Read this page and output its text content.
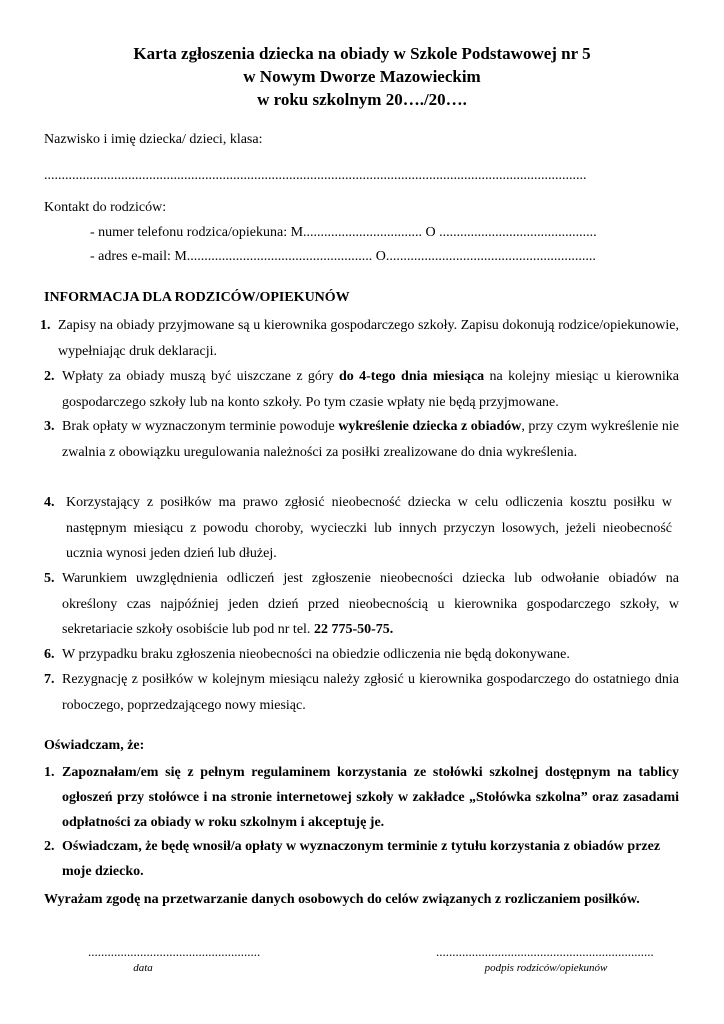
Karta zgłoszenia dziecka na obiady w Szkole Podstawowej nr 5
w Nowym Dworze Mazowieckim
w roku szkolnym 20…./20….
Nazwisko i imię dziecka/ dzieci, klasa:
...........................................................................................................................................................
Kontakt do rodziców:
- numer telefonu rodzica/opiekuna: M.................................. O .............................................
- adres e-mail: M..................................................... O............................................................
INFORMACJA DLA RODZICÓW/OPIEKUNÓW
1. Zapisy na obiady przyjmowane są u kierownika gospodarczego szkoły. Zapisu dokonują rodzice/opiekunowie, wypełniając druk deklaracji.
2. Wpłaty za obiady muszą być uiszczane z góry do 4-tego dnia miesiąca na kolejny miesiąc u kierownika gospodarczego szkoły lub na konto szkoły. Po tym czasie wpłaty nie będą przyjmowane.
3. Brak opłaty w wyznaczonym terminie powoduje wykreślenie dziecka z obiadów, przy czym wykreślenie nie zwalnia z obowiązku uregulowania należności za posiłki zrealizowane do dnia wykreślenia.
4. Korzystający z posiłków ma prawo zgłosić nieobecność dziecka w celu odliczenia kosztu posiłku w następnym miesiącu z powodu choroby, wycieczki lub innych przyczyn losowych, jeżeli nieobecność ucznia wynosi jeden dzień lub dłużej.
5. Warunkiem uwzględnienia odliczeń jest zgłoszenie nieobecności dziecka lub odwołanie obiadów na określony czas najpóźniej jeden dzień przed nieobecnością u kierownika gospodarczego szkoły, w sekretariacie szkoły osobiście lub pod nr tel. 22 775-50-75.
6. W przypadku braku zgłoszenia nieobecności na obiedzie odliczenia nie będą dokonywane.
7. Rezygnację z posiłków w kolejnym miesiącu należy zgłosić u kierownika gospodarczego do ostatniego dnia roboczego, poprzedzającego nowy miesiąc.
Oświadczam, że:
1. Zapoznałam/em się z pełnym regulaminem korzystania ze stołówki szkolnej dostępnym na tablicy ogłoszeń przy stołówce i na stronie internetowej szkoły w zakładce „Stołówka szkolna” oraz zasadami odpłatności za obiady w roku szkolnym i akceptuję je.
2. Oświadczam, że będę wnosił/a opłaty w wyznaczonym terminie z tytułu korzystania z obiadów przez moje dziecko.
Wyrażam zgodę na przetwarzanie danych osobowych do celów związanych z rozliczaniem posiłków.
.....................................................
data
...................................................................
podpis rodziców/opiekunów
